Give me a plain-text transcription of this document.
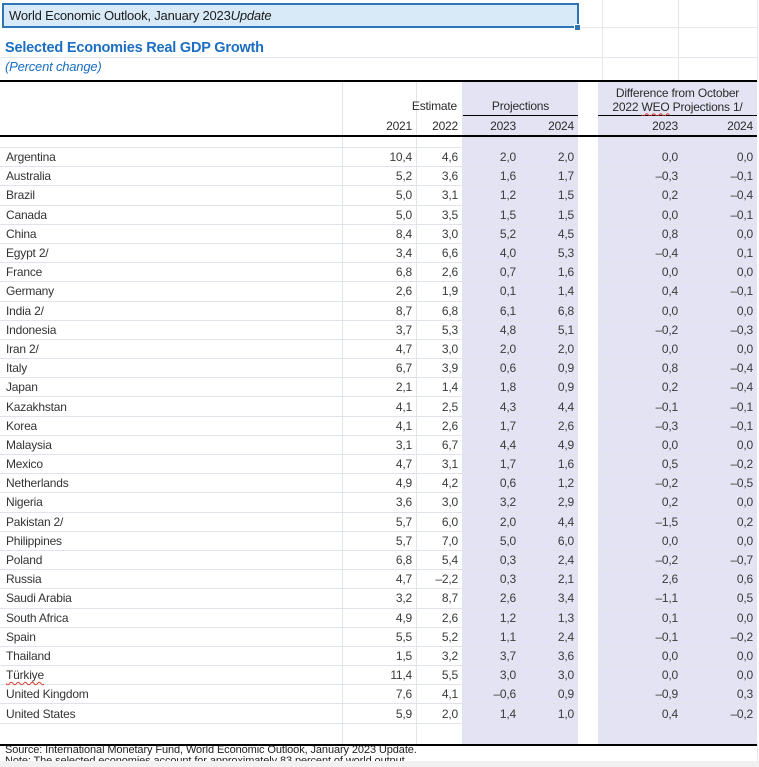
World Economic Outlook, January 2023 Update
Selected Economies Real GDP Growth
(Percent change)
Estimate	Projections
Difference from October
2022 WEO Projections 1/
2021	2022	2023	2024	2023	2024
Argentina	10,4	4,6	2,0	2,0	0,0	0,0
Australia	5,2	3,6	1,6	1,7	–0,3	–0,1
Brazil	5,0	3,1	1,2	1,5	0,2	–0,4
Canada	5,0	3,5	1,5	1,5	0,0	–0,1
China	8,4	3,0	5,2	4,5	0,8	0,0
Egypt 2/	3,4	6,6	4,0	5,3	–0,4	0,1
France	6,8	2,6	0,7	1,6	0,0	0,0
Germany	2,6	1,9	0,1	1,4	0,4	–0,1
India 2/	8,7	6,8	6,1	6,8	0,0	0,0
Indonesia	3,7	5,3	4,8	5,1	–0,2	–0,3
Iran 2/	4,7	3,0	2,0	2,0	0,0	0,0
Italy	6,7	3,9	0,6	0,9	0,8	–0,4
Japan	2,1	1,4	1,8	0,9	0,2	–0,4
Kazakhstan	4,1	2,5	4,3	4,4	–0,1	–0,1
Korea	4,1	2,6	1,7	2,6	–0,3	–0,1
Malaysia	3,1	6,7	4,4	4,9	0,0	0,0
Mexico	4,7	3,1	1,7	1,6	0,5	–0,2
Netherlands	4,9	4,2	0,6	1,2	–0,2	–0,5
Nigeria	3,6	3,0	3,2	2,9	0,2	0,0
Pakistan 2/	5,7	6,0	2,0	4,4	–1,5	0,2
Philippines	5,7	7,0	5,0	6,0	0,0	0,0
Poland	6,8	5,4	0,3	2,4	–0,2	–0,7
Russia	4,7	–2,2	0,3	2,1	2,6	0,6
Saudi Arabia	3,2	8,7	2,6	3,4	–1,1	0,5
South Africa	4,9	2,6	1,2	1,3	0,1	0,0
Spain	5,5	5,2	1,1	2,4	–0,1	–0,2
Thailand	1,5	3,2	3,7	3,6	0,0	0,0
Türkiye	11,4	5,5	3,0	3,0	0,0	0,0
United Kingdom	7,6	4,1	–0,6	0,9	–0,9	0,3
United States	5,9	2,0	1,4	1,0	0,4	–0,2
Source: International Monetary Fund, World Economic Outlook, January 2023 Update.
